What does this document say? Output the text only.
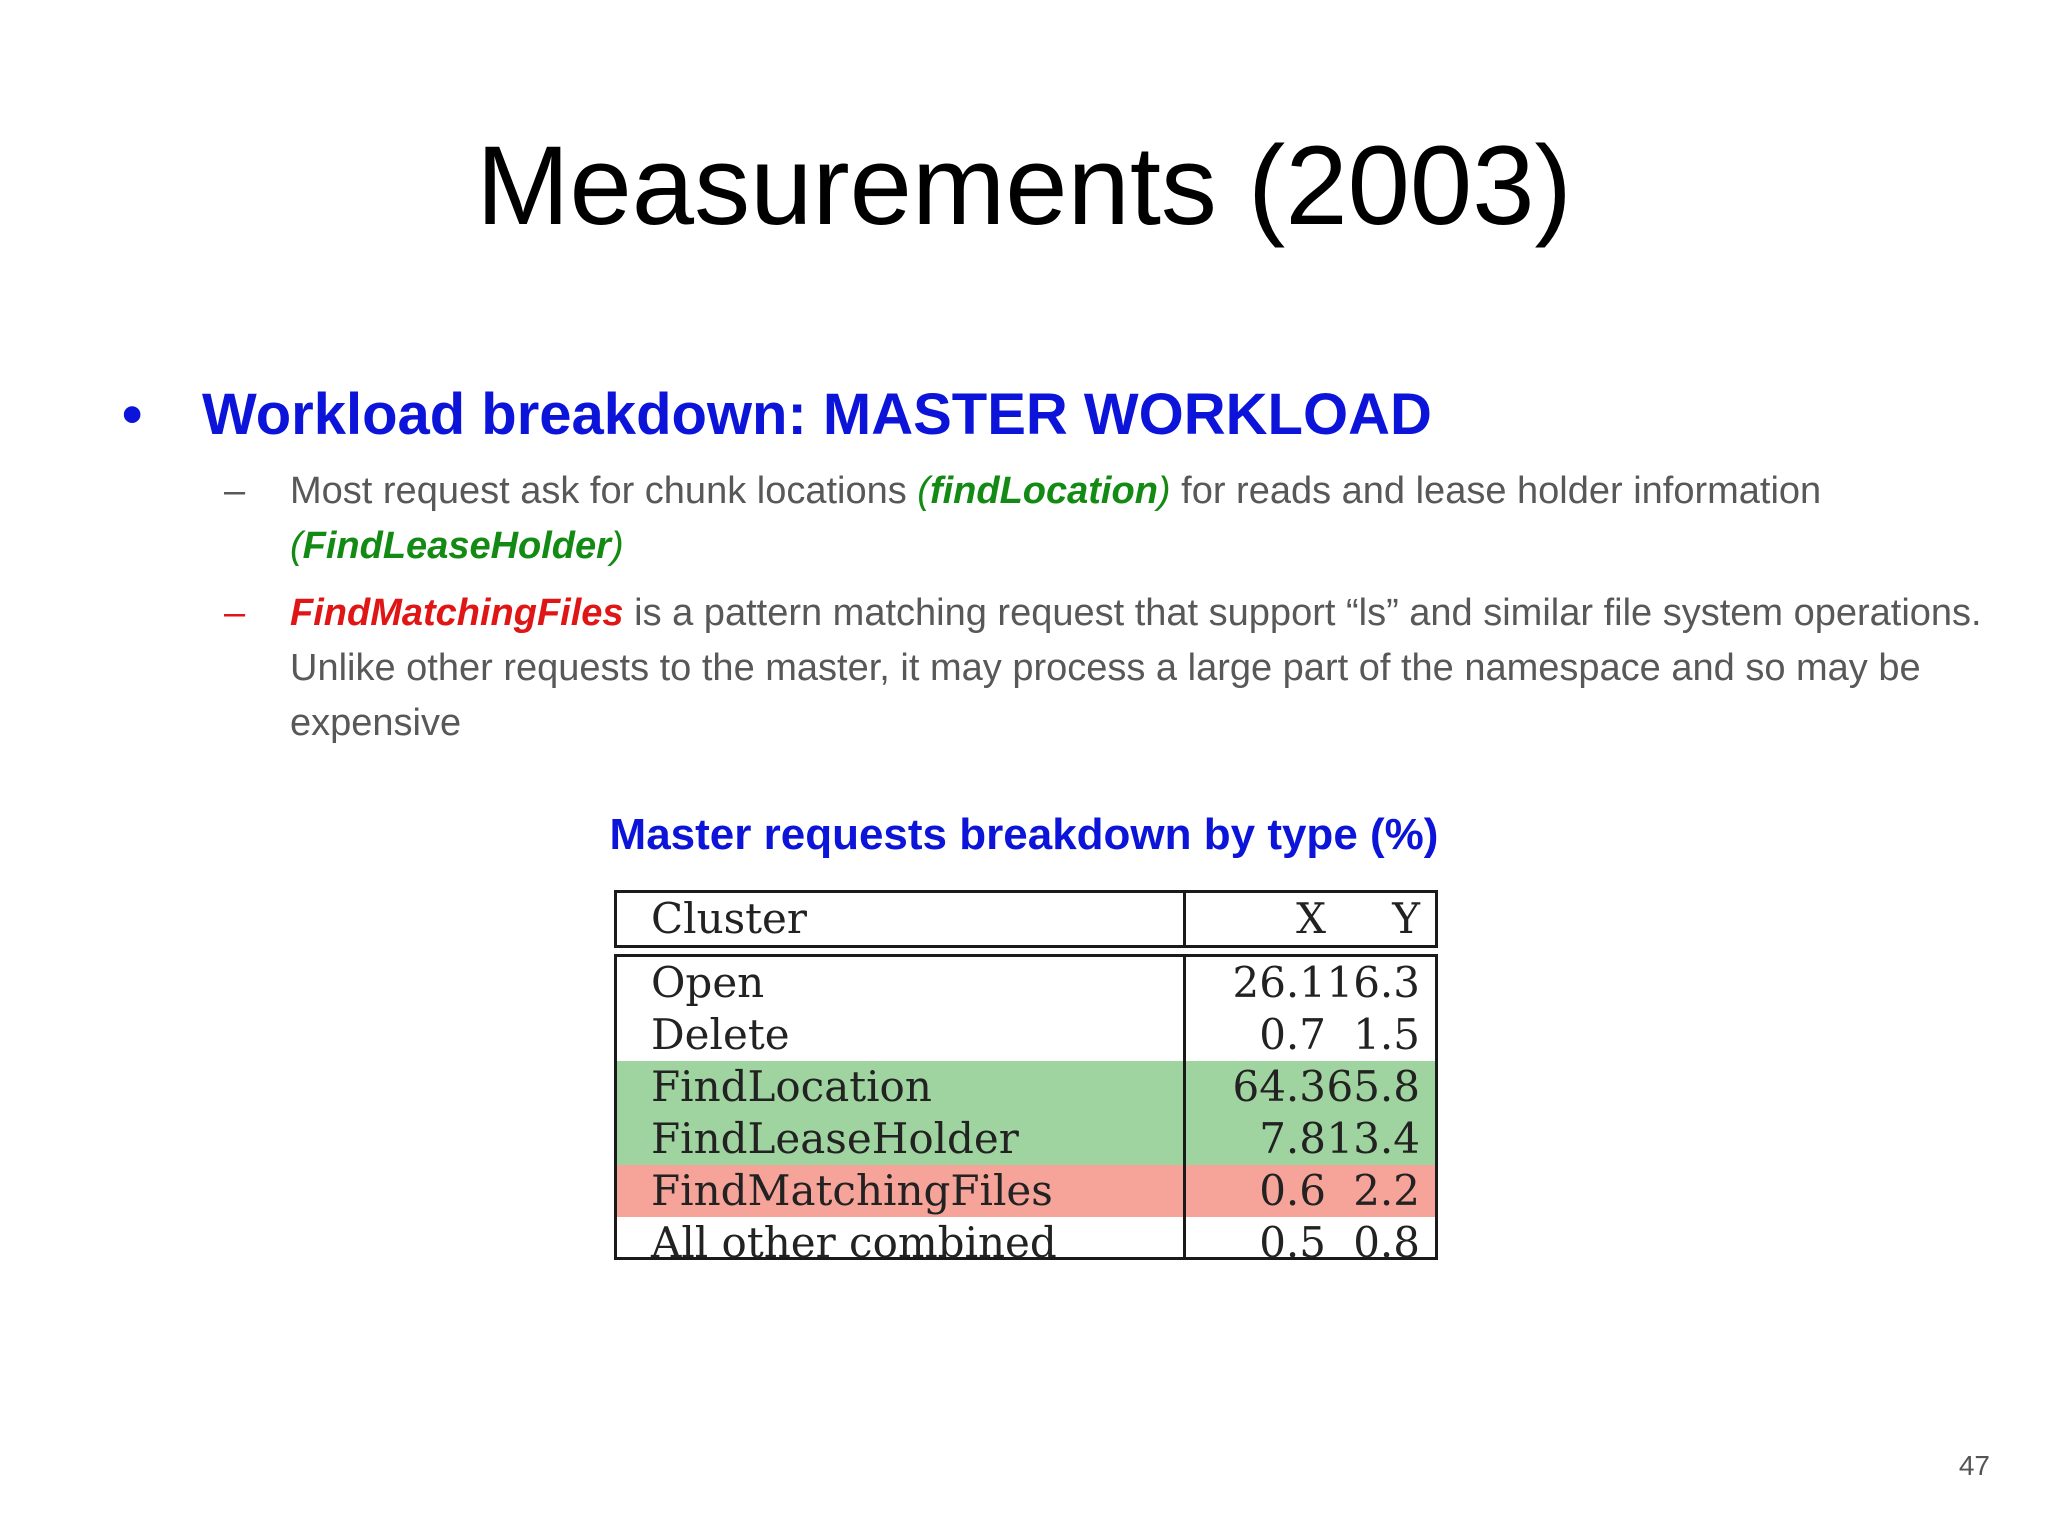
Measurements (2003)
•	Workload breakdown: MASTER WORKLOAD
–	Most request ask for chunk locations (findLocation) for reads and lease holder information (FindLeaseHolder)
–	FindMatchingFiles is a pattern matching request that support “ls” and similar file system operations. Unlike other requests to the master, it may process a large part of the namespace and so may be expensive
Master requests breakdown by type (%)
Cluster	X	Y
Open	26.1 16.3
Delete	0.7 1.5
FindLocation	64.3 65.8
FindLeaseHolder	7.8 13.4
FindMatchingFiles	0.6 2.2
All other combined	0.5 0.8
47
